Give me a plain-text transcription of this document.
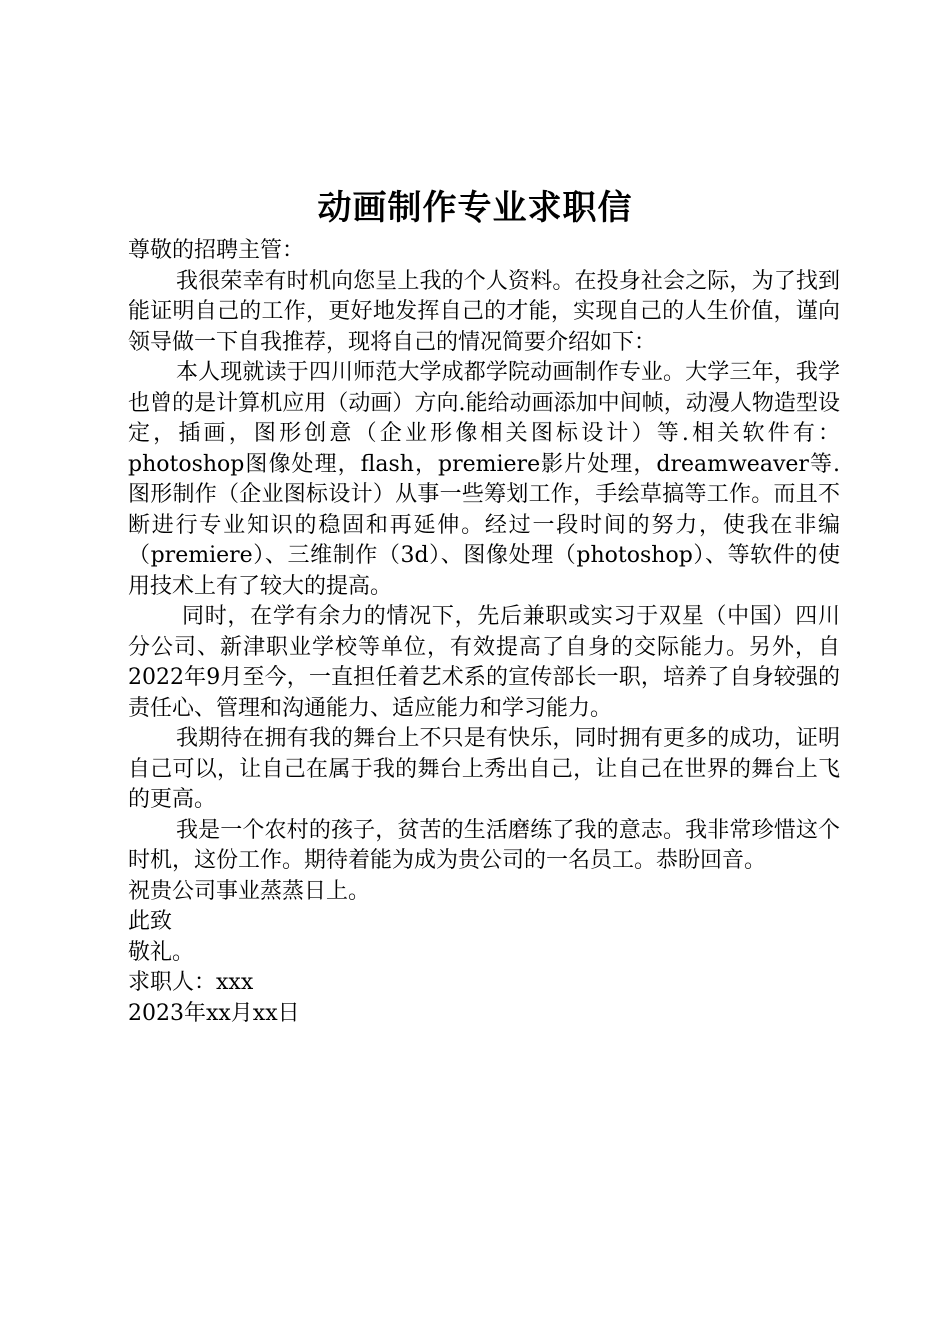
动画制作专业求职信

尊敬的招聘主管：

我很荣幸有时机向您呈上我的个人资料。在投身社会之际，为了找到能证明自己的工作，更好地发挥自己的才能，实现自己的人生价值，谨向领导做一下自我推荐，现将自己的情况简要介绍如下：

本人现就读于四川师范大学成都学院动画制作专业。大学三年，我学也曾的是计算机应用（动画）方向.能给动画添加中间帧，动漫人物造型设定，插画，图形创意（企业形像相关图标设计）等.相关软件有：photoshop图像处理，flash，premiere影片处理，dreamweaver等.图形制作（企业图标设计）从事一些筹划工作，手绘草搞等工作。而且不断进行专业知识的稳固和再延伸。经过一段时间的努力，使我在非编（premiere）、三维制作（3d）、图像处理（photoshop）、等软件的使用技术上有了较大的提高。

同时，在学有余力的情况下，先后兼职或实习于双星（中国）四川分公司、新津职业学校等单位，有效提高了自身的交际能力。另外，自2022年9月至今，一直担任着艺术系的宣传部长一职，培养了自身较强的责任心、管理和沟通能力、适应能力和学习能力。

我期待在拥有我的舞台上不只是有快乐，同时拥有更多的成功，证明自己可以，让自己在属于我的舞台上秀出自己，让自己在世界的舞台上飞的更高。

我是一个农村的孩子，贫苦的生活磨练了我的意志。我非常珍惜这个时机，这份工作。期待着能为成为贵公司的一名员工。恭盼回音。

祝贵公司事业蒸蒸日上。

此致

敬礼。

求职人：xxx

2023年xx月xx日
